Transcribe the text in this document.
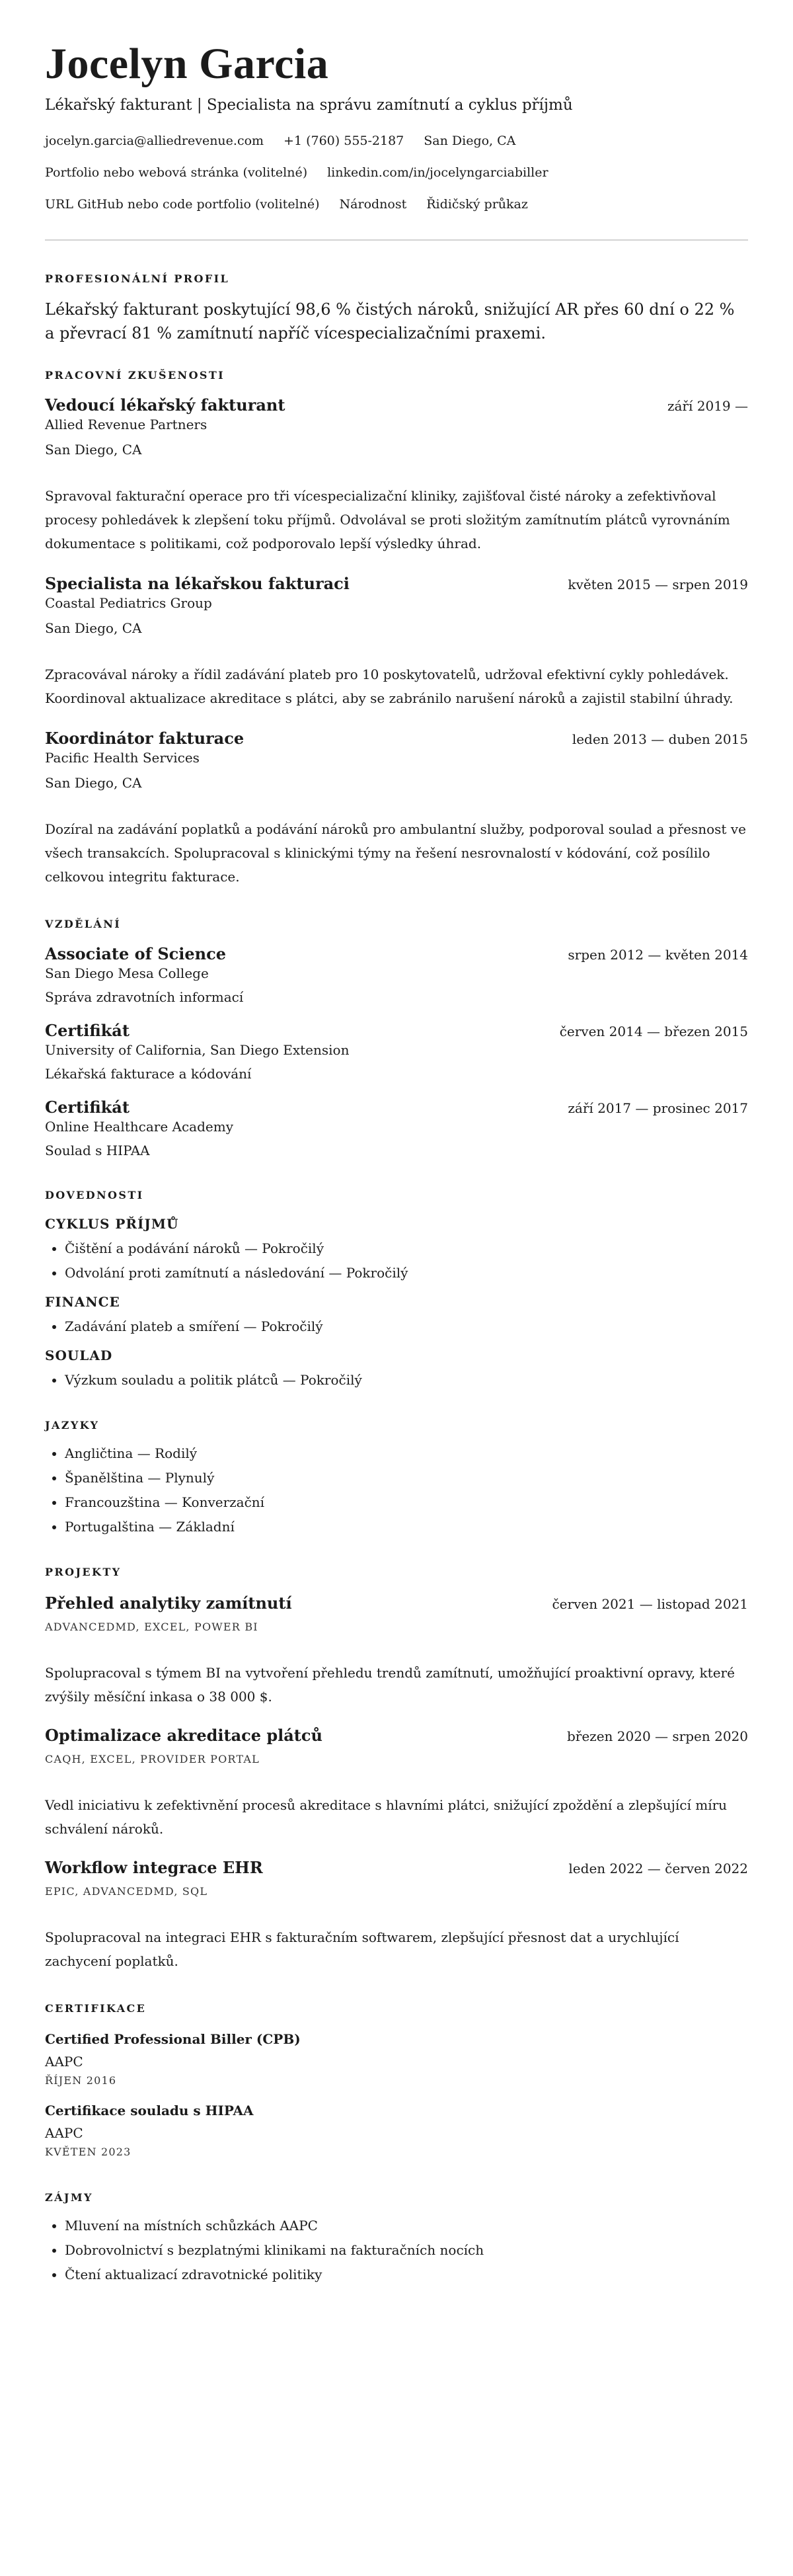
Jocelyn Garcia
Lékařský fakturant | Specialista na správu zamítnutí a cyklus příjmů
jocelyn.garcia@alliedrevenue.com +1 (760) 555-2187 San Diego, CA
Portfolio nebo webová stránka (volitelné) linkedin.com/in/jocelyngarciabiller
URL GitHub nebo code portfolio (volitelné) Národnost Řidičský průkaz
PROFESIONÁLNÍ PROFIL
Lékařský fakturant poskytující 98,6 % čistých nároků, snižující AR přes 60 dní o 22 % a převrací 81 % zamítnutí napříč vícespecializačními praxemi.
PRACOVNÍ ZKUŠENOSTI
Vedoucí lékařský fakturant	září 2019 —
Allied Revenue Partners
San Diego, CA
Spravoval fakturační operace pro tři vícespecializační kliniky, zajišťoval čisté nároky a zefektivňoval procesy pohledávek k zlepšení toku příjmů. Odvolával se proti složitým zamítnutím plátců vyrovnáním dokumentace s politikami, což podporovalo lepší výsledky úhrad.
Specialista na lékařskou fakturaci	květen 2015 — srpen 2019
Coastal Pediatrics Group
San Diego, CA
Zpracovával nároky a řídil zadávání plateb pro 10 poskytovatelů, udržoval efektivní cykly pohledávek. Koordinoval aktualizace akreditace s plátci, aby se zabránilo narušení nároků a zajistil stabilní úhrady.
Koordinátor fakturace	leden 2013 — duben 2015
Pacific Health Services
San Diego, CA
Dozíral na zadávání poplatků a podávání nároků pro ambulantní služby, podporoval soulad a přesnost ve všech transakcích. Spolupracoval s klinickými týmy na řešení nesrovnalostí v kódování, což posílilo celkovou integritu fakturace.
VZDĚLÁNÍ
Associate of Science	srpen 2012 — květen 2014
San Diego Mesa College
Správa zdravotních informací
Certifikát	červen 2014 — březen 2015
University of California, San Diego Extension
Lékařská fakturace a kódování
Certifikát	září 2017 — prosinec 2017
Online Healthcare Academy
Soulad s HIPAA
DOVEDNOSTI
CYKLUS PŘÍJMŮ
• Čištění a podávání nároků — Pokročilý
• Odvolání proti zamítnutí a následování — Pokročilý
FINANCE
• Zadávání plateb a smíření — Pokročilý
SOULAD
• Výzkum souladu a politik plátců — Pokročilý
JAZYKY
• Angličtina — Rodilý
• Španělština — Plynulý
• Francouzština — Konverzační
• Portugalština — Základní
PROJEKTY
Přehled analytiky zamítnutí	červen 2021 — listopad 2021
ADVANCEDMD, EXCEL, POWER BI
Spolupracoval s týmem BI na vytvoření přehledu trendů zamítnutí, umožňující proaktivní opravy, které zvýšily měsíční inkasa o 38 000 $.
Optimalizace akreditace plátců	březen 2020 — srpen 2020
CAQH, EXCEL, PROVIDER PORTAL
Vedl iniciativu k zefektivnění procesů akreditace s hlavními plátci, snižující zpoždění a zlepšující míru schválení nároků.
Workflow integrace EHR	leden 2022 — červen 2022
EPIC, ADVANCEDMD, SQL
Spolupracoval na integraci EHR s fakturačním softwarem, zlepšující přesnost dat a urychlující zachycení poplatků.
CERTIFIKACE
Certified Professional Biller (CPB)
AAPC
ŘÍJEN 2016
Certifikace souladu s HIPAA
AAPC
KVĚTEN 2023
ZÁJMY
• Mluvení na místních schůzkách AAPC
• Dobrovolnictví s bezplatnými klinikami na fakturačních nocích
• Čtení aktualizací zdravotnické politiky
